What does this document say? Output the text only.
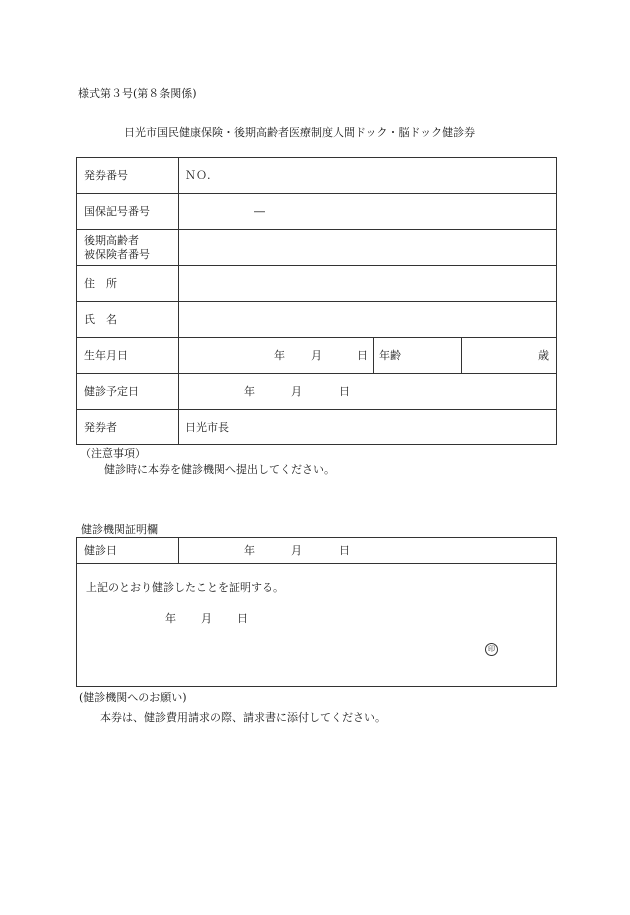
様式第３号(第８条関係)
日光市国民健康保険・後期高齢者医療制度人間ドック・脳ドック健診券
発券番号	ＮＯ.
国保記号番号	―
後期高齢者
被保険者番号
住　所
氏　名
生年月日	年 月	日 年齢	歳
健診予定日	年	月	日
発券者	日光市長
（注意事項）
健診時に本券を健診機関へ提出してください。
健診機関証明欄
健診日	年	月	日
上記のとおり健診したことを証明する。
年 月 日
印
(健診機関へのお願い)
本券は、健診費用請求の際、請求書に添付してください。
